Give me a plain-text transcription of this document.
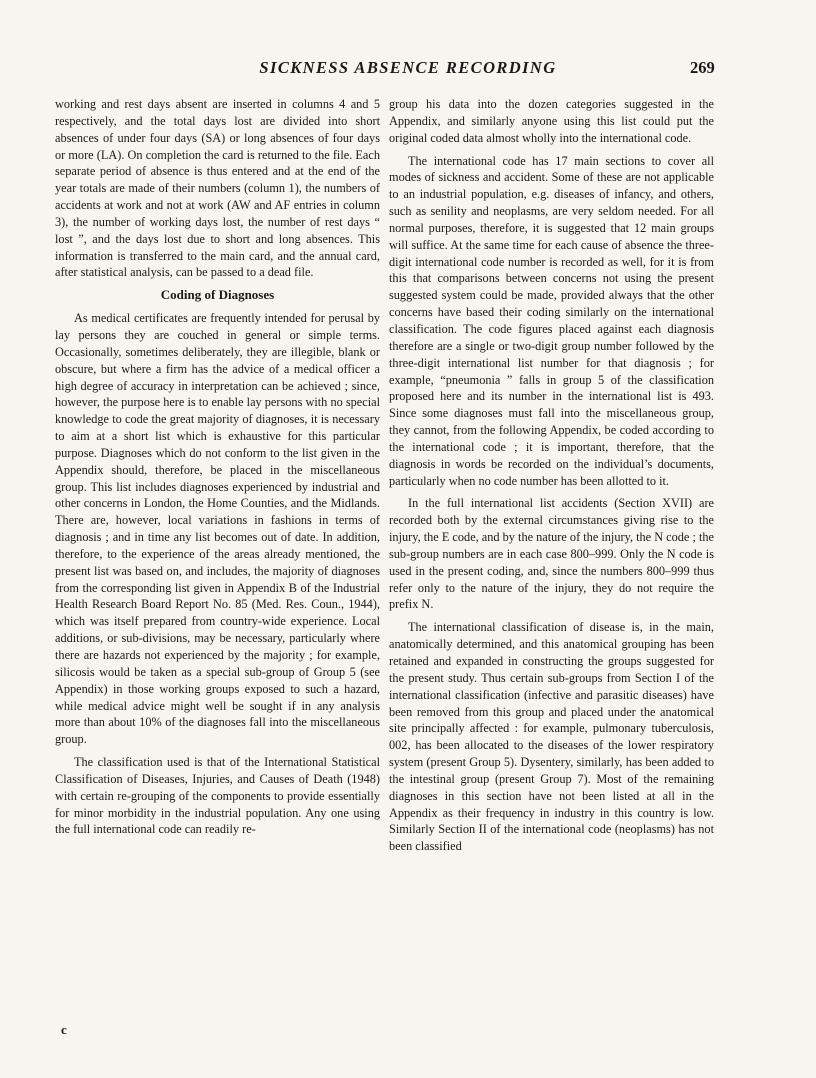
SICKNESS ABSENCE RECORDING	269

working and rest days absent are inserted in columns 4 and 5 respectively, and the total days lost are divided into short absences of under four days (SA) or long absences of four days or more (LA). On completion the card is returned to the file. Each separate period of absence is thus entered and at the end of the year totals are made of their numbers (column 1), the numbers of accidents at work and not at work (AW and AF entries in column 3), the number of working days lost, the number of rest days “ lost ”, and the days lost due to short and long absences. This information is transferred to the main card, and the annual card, after statistical analysis, can be passed to a dead file.

Coding of Diagnoses

As medical certificates are frequently intended for perusal by lay persons they are couched in general or simple terms. Occasionally, sometimes deliberately, they are illegible, blank or obscure, but where a firm has the advice of a medical officer a high degree of accuracy in interpretation can be achieved ; since, however, the purpose here is to enable lay persons with no special knowledge to code the great majority of diagnoses, it is necessary to aim at a short list which is exhaustive for this particular purpose. Diagnoses which do not conform to the list given in the Appendix should, therefore, be placed in the miscellaneous group. This list includes diagnoses experienced by industrial and other concerns in London, the Home Counties, and the Midlands. There are, however, local variations in fashions in terms of diagnosis ; and in time any list becomes out of date. In addition, therefore, to the experience of the areas already mentioned, the present list was based on, and includes, the majority of diagnoses from the corresponding list given in Appendix B of the Industrial Health Research Board Report No. 85 (Med. Res. Coun., 1944), which was itself prepared from country-wide experience. Local additions, or sub-divisions, may be necessary, particularly where there are hazards not experienced by the majority ; for example, silicosis would be taken as a special sub-group of Group 5 (see Appendix) in those working groups exposed to such a hazard, while medical advice might well be sought if in any analysis more than about 10% of the diagnoses fall into the miscellaneous group.

The classification used is that of the International Statistical Classification of Diseases, Injuries, and Causes of Death (1948) with certain re-grouping of the components to provide essentially for minor morbidity in the industrial population. Any one using the full international code can readily re-

group his data into the dozen categories suggested in the Appendix, and similarly anyone using this list could put the original coded data almost wholly into the international code.

The international code has 17 main sections to cover all modes of sickness and accident. Some of these are not applicable to an industrial population, e.g. diseases of infancy, and others, such as senility and neoplasms, are very seldom needed. For all normal purposes, therefore, it is suggested that 12 main groups will suffice. At the same time for each cause of absence the three-digit international code number is recorded as well, for it is from this that comparisons between concerns not using the present suggested system could be made, provided always that the other concerns have based their coding similarly on the international classification. The code figures placed against each diagnosis therefore are a single or two-digit group number followed by the three-digit international list number for that diagnosis ; for example, “pneumonia ” falls in group 5 of the classification proposed here and its number in the international list is 493. Since some diagnoses must fall into the miscellaneous group, they cannot, from the following Appendix, be coded according to the international code ; it is important, therefore, that the diagnosis in words be recorded on the individual’s documents, particularly when no code number has been allotted to it.

In the full international list accidents (Section XVII) are recorded both by the external circumstances giving rise to the injury, the E code, and by the nature of the injury, the N code ; the sub-group numbers are in each case 800–999. Only the N code is used in the present coding, and, since the numbers 800–999 thus refer only to the nature of the injury, they do not require the prefix N.

The international classification of disease is, in the main, anatomically determined, and this anatomical grouping has been retained and expanded in constructing the groups suggested for the present study. Thus certain sub-groups from Section I of the international classification (infective and parasitic diseases) have been removed from this group and placed under the anatomical site principally affected : for example, pulmonary tuberculosis, 002, has been allocated to the diseases of the lower respiratory system (present Group 5). Dysentery, similarly, has been added to the intestinal group (present Group 7). Most of the remaining diagnoses in this section have not been listed at all in the Appendix as their frequency in industry in this country is low. Similarly Section II of the international code (neoplasms) has not been classified

c
